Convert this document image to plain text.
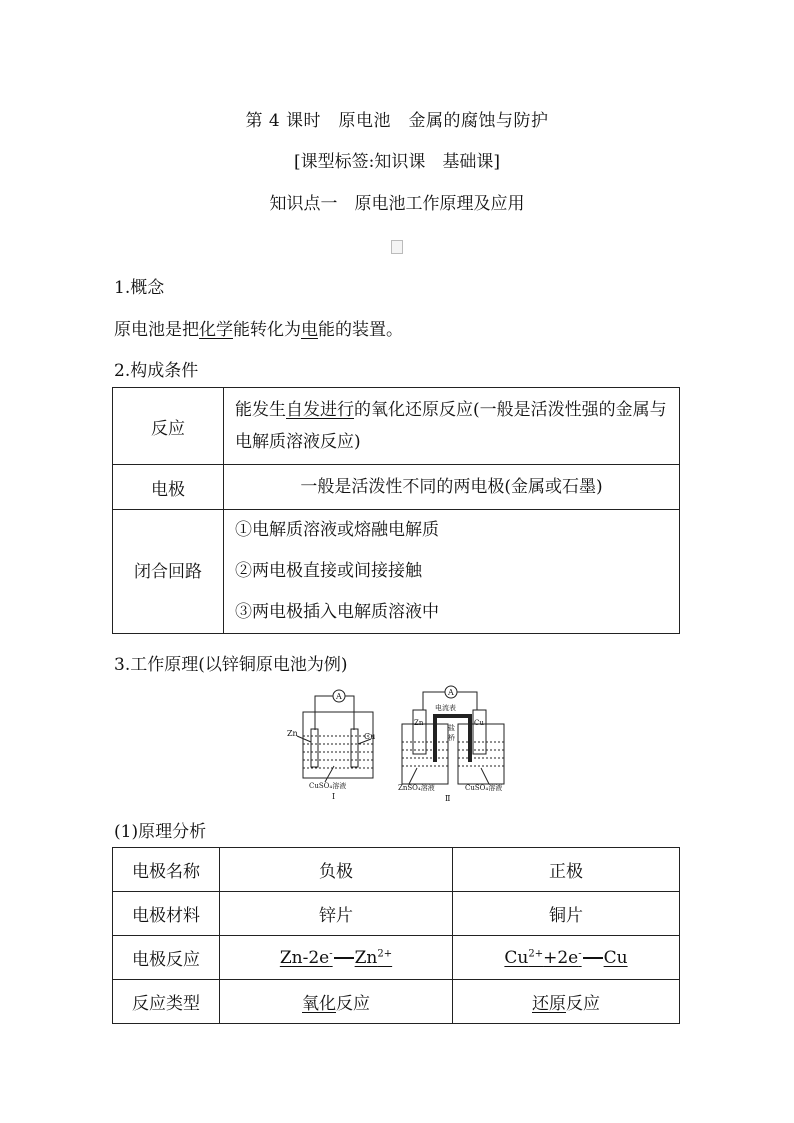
第 4 课时　原电池　金属的腐蚀与防护
[课型标签:知识课　基础课]
知识点一　原电池工作原理及应用
1.概念
原电池是把化学能转化为电能的装置。
2.构成条件
反应	能发生自发进行的氧化还原反应(一般是活泼性强的金属与电解质溶液反应)
电极	一般是活泼性不同的两电极(金属或石墨)
闭合回路	①电解质溶液或熔融电解质
②两电极直接或间接接触
③两电极插入电解质溶液中
3.工作原理(以锌铜原电池为例)
A
Zn	Cu
CuSO₄溶液
Ⅰ
A
电流表
Zn	Cu
盐
桥
ZnSO₄溶液	CuSO₄溶液
Ⅱ
(1)原理分析
电极名称	负极	正极
电极材料	锌片	铜片
电极反应	Zn-2e- $Zn^{2+}$	$Cu^{2+}+2e^-$ Cu
反应类型	氧化反应	还原反应
